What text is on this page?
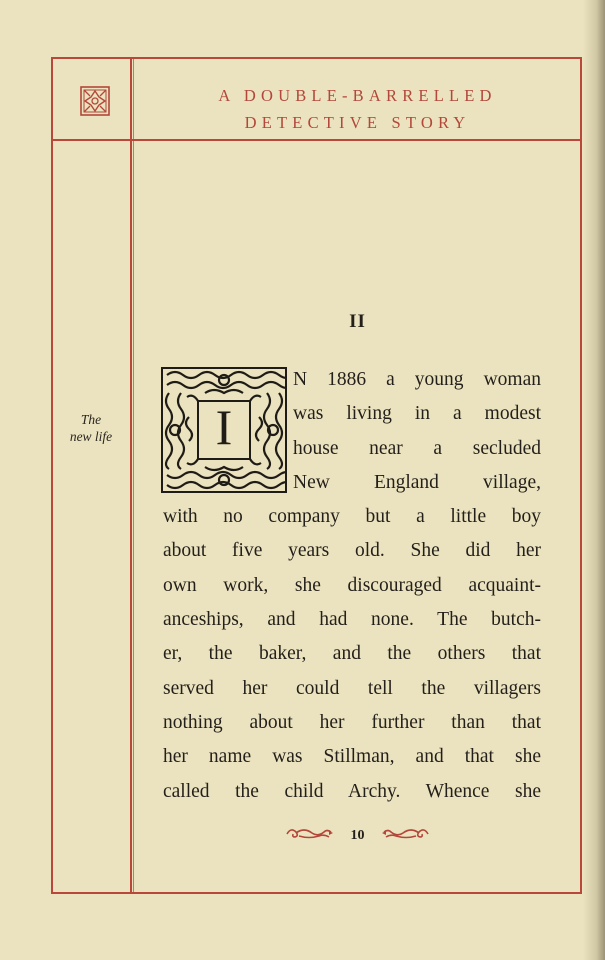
A DOUBLE-BARRELLED
DETECTIVE STORY
The
new life
II
I
N 1886 a young woman
was living in a modest
house near a secluded
New England village,
with no company but a little boy
about five years old. She did her
own work, she discouraged acquaint-
anceships, and had none. The butch-
er, the baker, and the others that
served her could tell the villagers
nothing about her further than that
her name was Stillman, and that she
called the child Archy. Whence she
10
